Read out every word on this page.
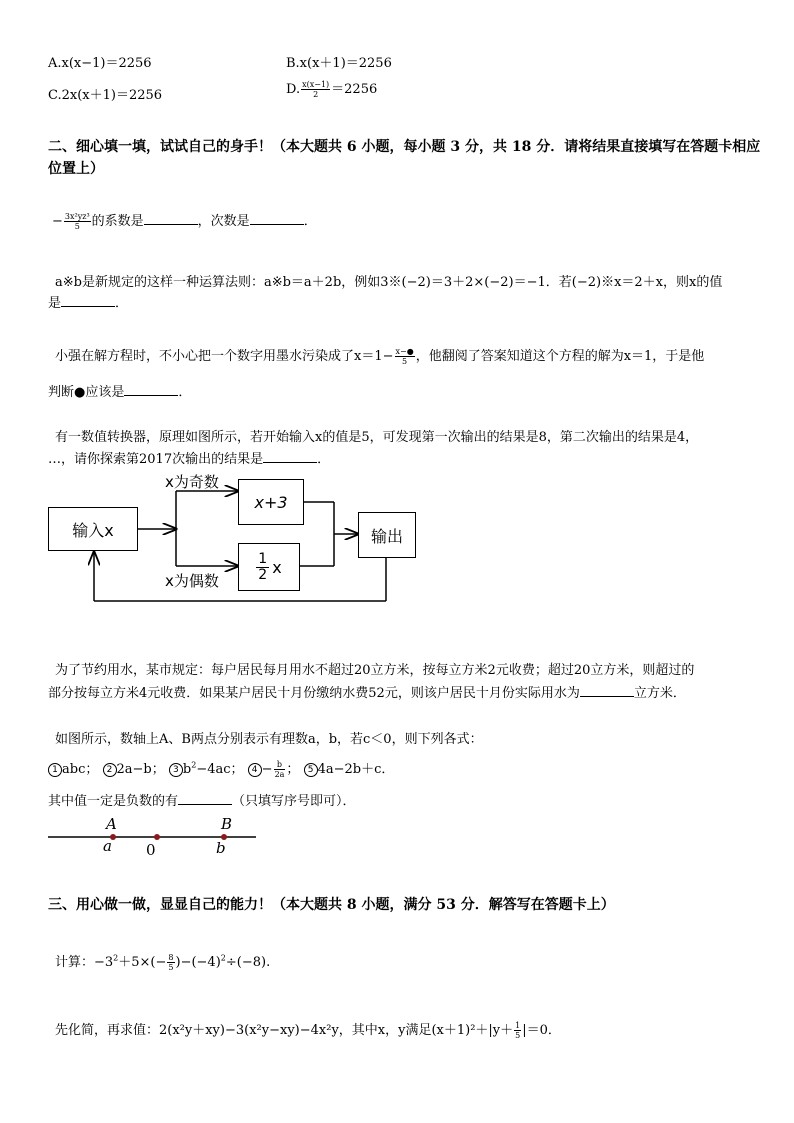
A.x(x−1)＝2256	B.x(x＋1)＝2256
C.2x(x＋1)＝2256	D. $\frac{x(x-1)}{2} =2256$
二、细心填一填，试试自己的身手！（本大题共 6 小题，每小题 3 分，共 18 分．请将结果直接填写在答题卡相应
位置上）
− $\frac{\text{3x²yz³}}{5}$ 的系数是	，次数是	．
a※b是新规定的这样一种运算法则：a※b＝a＋2b，例如3※(−2)＝3＋2×(−2)＝−1．若(−2)※x＝2＋x，则x的值
是	．
小强在解方程时，不小心把一个数字用墨水污染成了$x=1- \frac{x-●}{5}$ ，他翻阅了答案知道这个方程的解为x＝1，于是他
判断●应该是	．
有一数值转换器，原理如图所示，若开始输入x的值是5，可发现第一次输出的结果是8，第二次输出的结果是4，
…，请你探索第2017次输出的结果是	．
输入x
x为奇数
x为偶数
x+3
$\frac{1}{2}$ x
输出
为了节约用水，某市规定：每户居民每月用水不超过20立方米，按每立方米2元收费；超过20立方米，则超过的
部分按每立方米4元收费．如果某户居民十月份缴纳水费52元，则该户居民十月份实际用水为	立方米．
如图所示，数轴上A、B两点分别表示有理数a，b，若c＜0，则下列各式：
1 abc； 2 2a−b； 3 $b^2-4ac$； $4 - \frac{b}{2a}$ ； 5 4a−2b＋c．
其中值一定是负数的有	（只填写序号即可）．
A
a 0
B
b
三、用心做一做，显显自己的能力！（本大题共 8 小题，满分 53 分．解答写在答题卡上）
计算：$-3^2+5\times(- \frac{8}{5} )-(-4)^2\div(-8)$.
先化简，再求值：2(x²y＋xy)−3(x²y−xy)−4x²y，其中x，y满足$(x+1)^2+|y+ \frac{1}{5} |=0$．
